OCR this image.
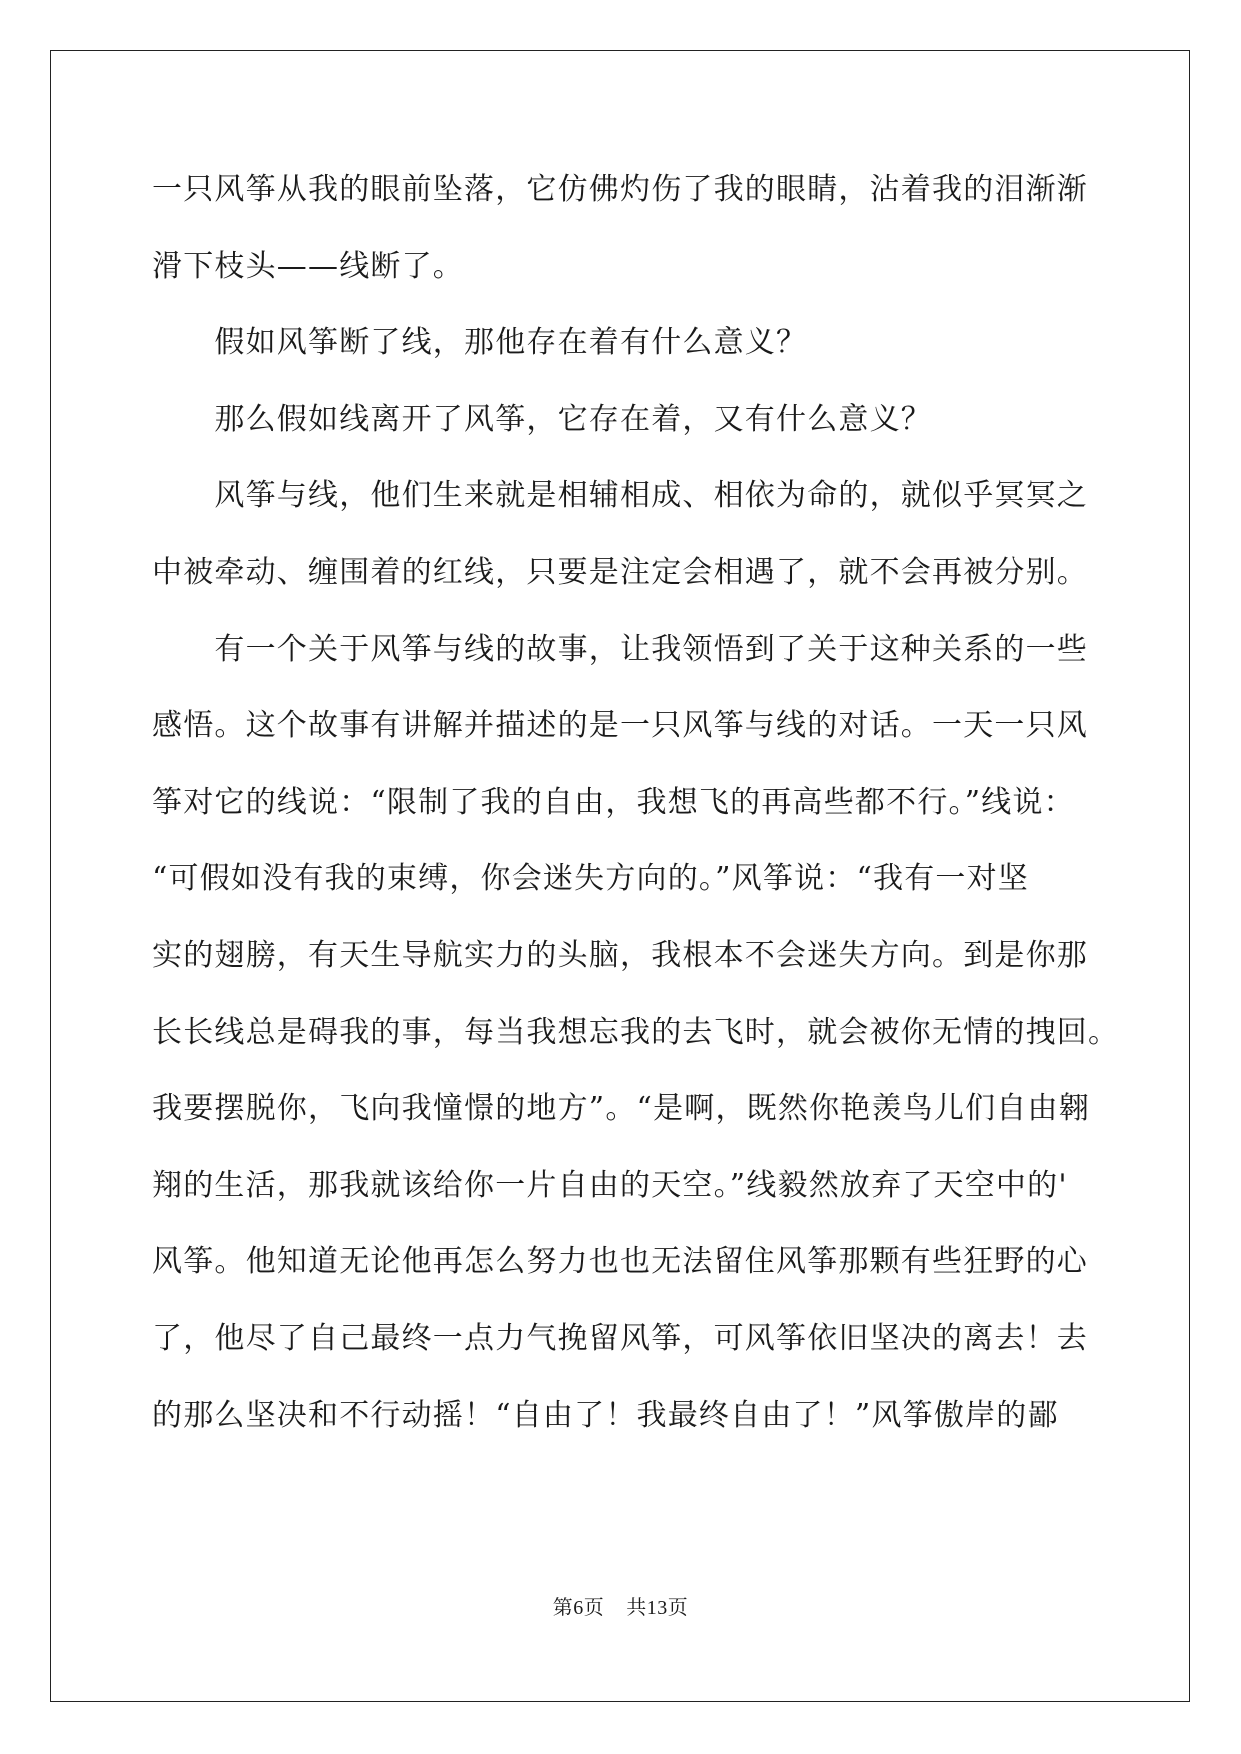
一只风筝从我的眼前坠落，它仿佛灼伤了我的眼睛，沾着我的泪渐渐
滑下枝头——线断了。
　　假如风筝断了线，那他存在着有什么意义？
　　那么假如线离开了风筝，它存在着，又有什么意义？
　　风筝与线，他们生来就是相辅相成、相依为命的，就似乎冥冥之
中被牵动、缠围着的红线，只要是注定会相遇了，就不会再被分别。
　　有一个关于风筝与线的故事，让我领悟到了关于这种关系的一些
感悟。这个故事有讲解并描述的是一只风筝与线的对话。一天一只风
筝对它的线说：“限制了我的自由，我想飞的再高些都不行。”线说：
“可假如没有我的束缚，你会迷失方向的。”风筝说：“我有一对坚
实的翅膀，有天生导航实力的头脑，我根本不会迷失方向。到是你那
长长线总是碍我的事，每当我想忘我的去飞时，就会被你无情的拽回。
我要摆脱你，飞向我憧憬的地方”。“是啊，既然你艳羡鸟儿们自由翱
翔的生活，那我就该给你一片自由的天空。”线毅然放弃了天空中的'
风筝。他知道无论他再怎么努力也也无法留住风筝那颗有些狂野的心
了，他尽了自己最终一点力气挽留风筝，可风筝依旧坚决的离去！去
的那么坚决和不行动摇！“自由了！我最终自由了！”风筝傲岸的鄙
第6页 共13页
